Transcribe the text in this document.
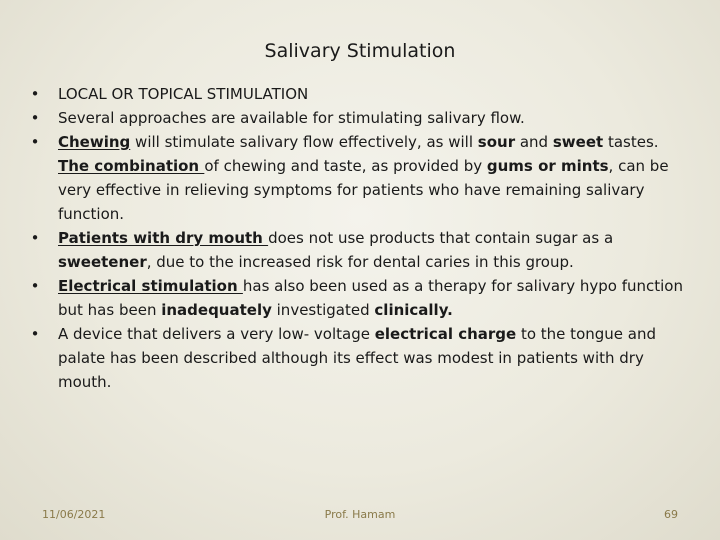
Salivary Stimulation
• LOCAL OR TOPICAL STIMULATION
• Several approaches are available for stimulating salivary flow.
• Chewing will stimulate salivary flow effectively, as will sour and sweet tastes.
The combination of chewing and taste, as provided by gums or mints, can be very effective in relieving symptoms for patients who have remaining salivary function.
• Patients with dry mouth does not use products that contain sugar as a sweetener, due to the increased risk for dental caries in this group.
• Electrical stimulation has also been used as a therapy for salivary hypo function but has been inadequately investigated clinically.
• A device that delivers a very low- voltage electrical charge to the tongue and palate has been described although its effect was modest in patients with dry mouth.
11/06/2021	Prof. Hamam	69
